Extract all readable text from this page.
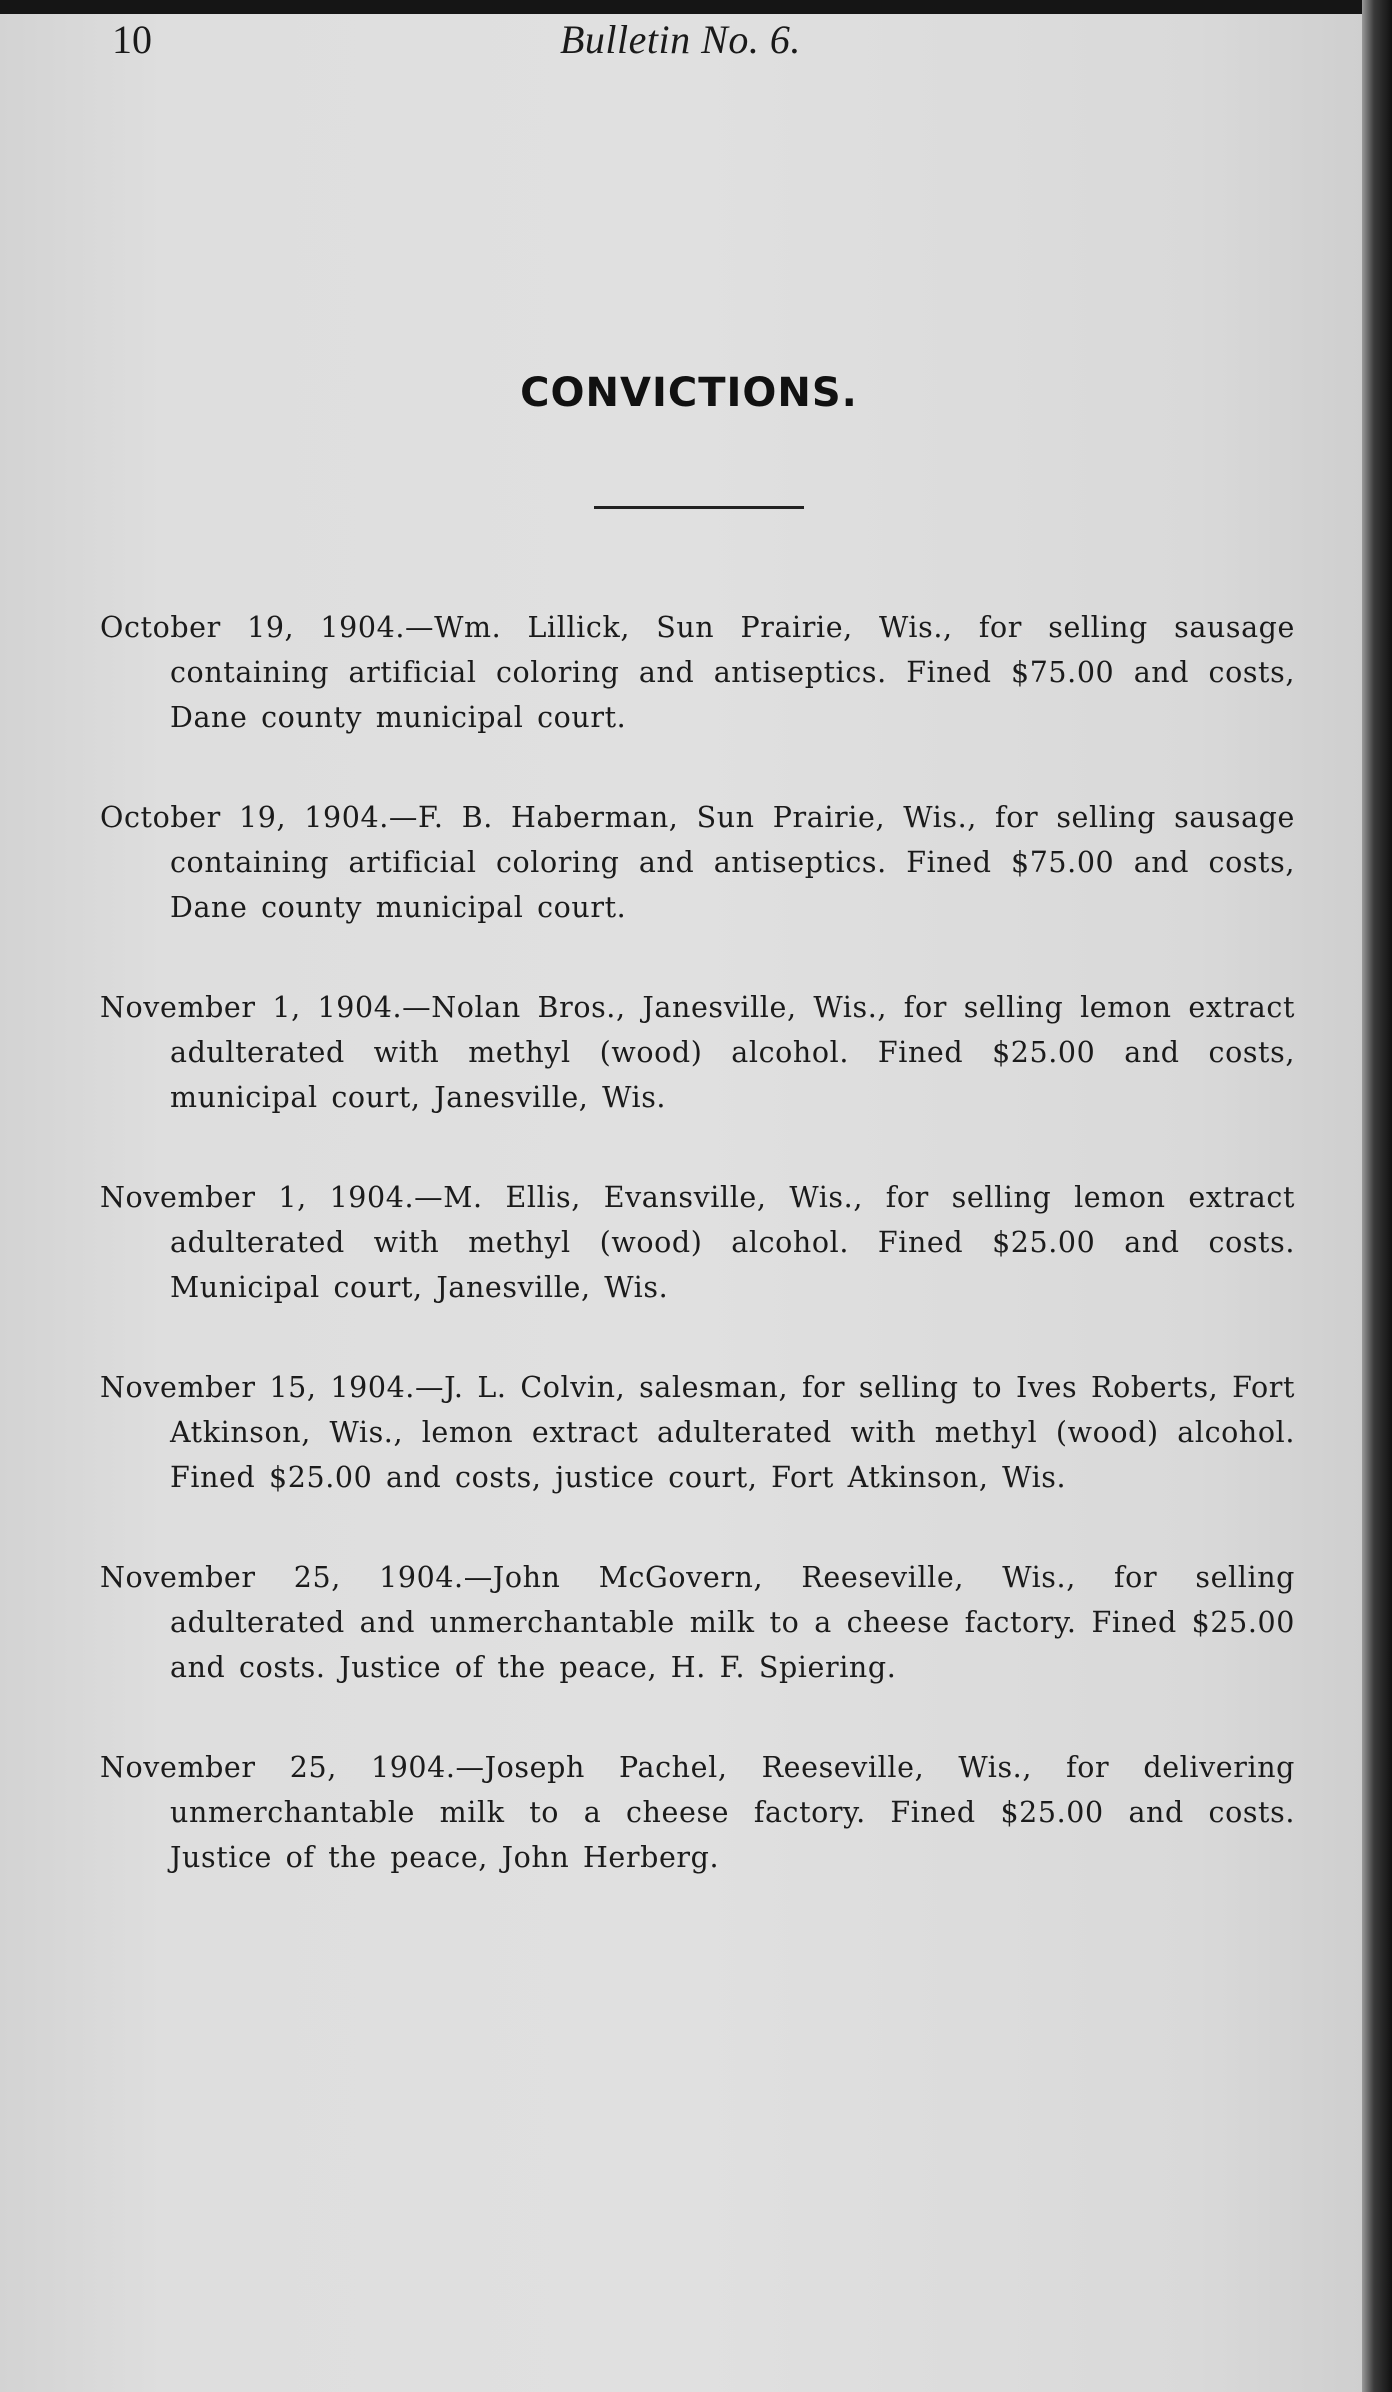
10	Bulletin No. 6.
CONVICTIONS.

October 19, 1904.—Wm. Lillick, Sun Prairie, Wis., for selling sausage containing artificial coloring and antiseptics. Fined $75.00 and costs, Dane county municipal court.

October 19, 1904.—F. B. Haberman, Sun Prairie, Wis., for selling sausage containing artificial coloring and antiseptics. Fined $75.00 and costs, Dane county municipal court.

November 1, 1904.—Nolan Bros., Janesville, Wis., for selling lemon extract adulterated with methyl (wood) alcohol. Fined $25.00 and costs, municipal court, Janesville, Wis.

November 1, 1904.—M. Ellis, Evansville, Wis., for selling lemon extract adulterated with methyl (wood) alcohol. Fined $25.00 and costs. Municipal court, Janesville, Wis.

November 15, 1904.—J. L. Colvin, salesman, for selling to Ives Roberts, Fort Atkinson, Wis., lemon extract adulterated with methyl (wood) alcohol. Fined $25.00 and costs, justice court, Fort Atkinson, Wis.

November 25, 1904.—John McGovern, Reeseville, Wis., for selling adulterated and unmerchantable milk to a cheese factory. Fined $25.00 and costs. Justice of the peace, H. F. Spiering.

November 25, 1904.—Joseph Pachel, Reeseville, Wis., for delivering unmerchantable milk to a cheese factory. Fined $25.00 and costs. Justice of the peace, John Herberg.
